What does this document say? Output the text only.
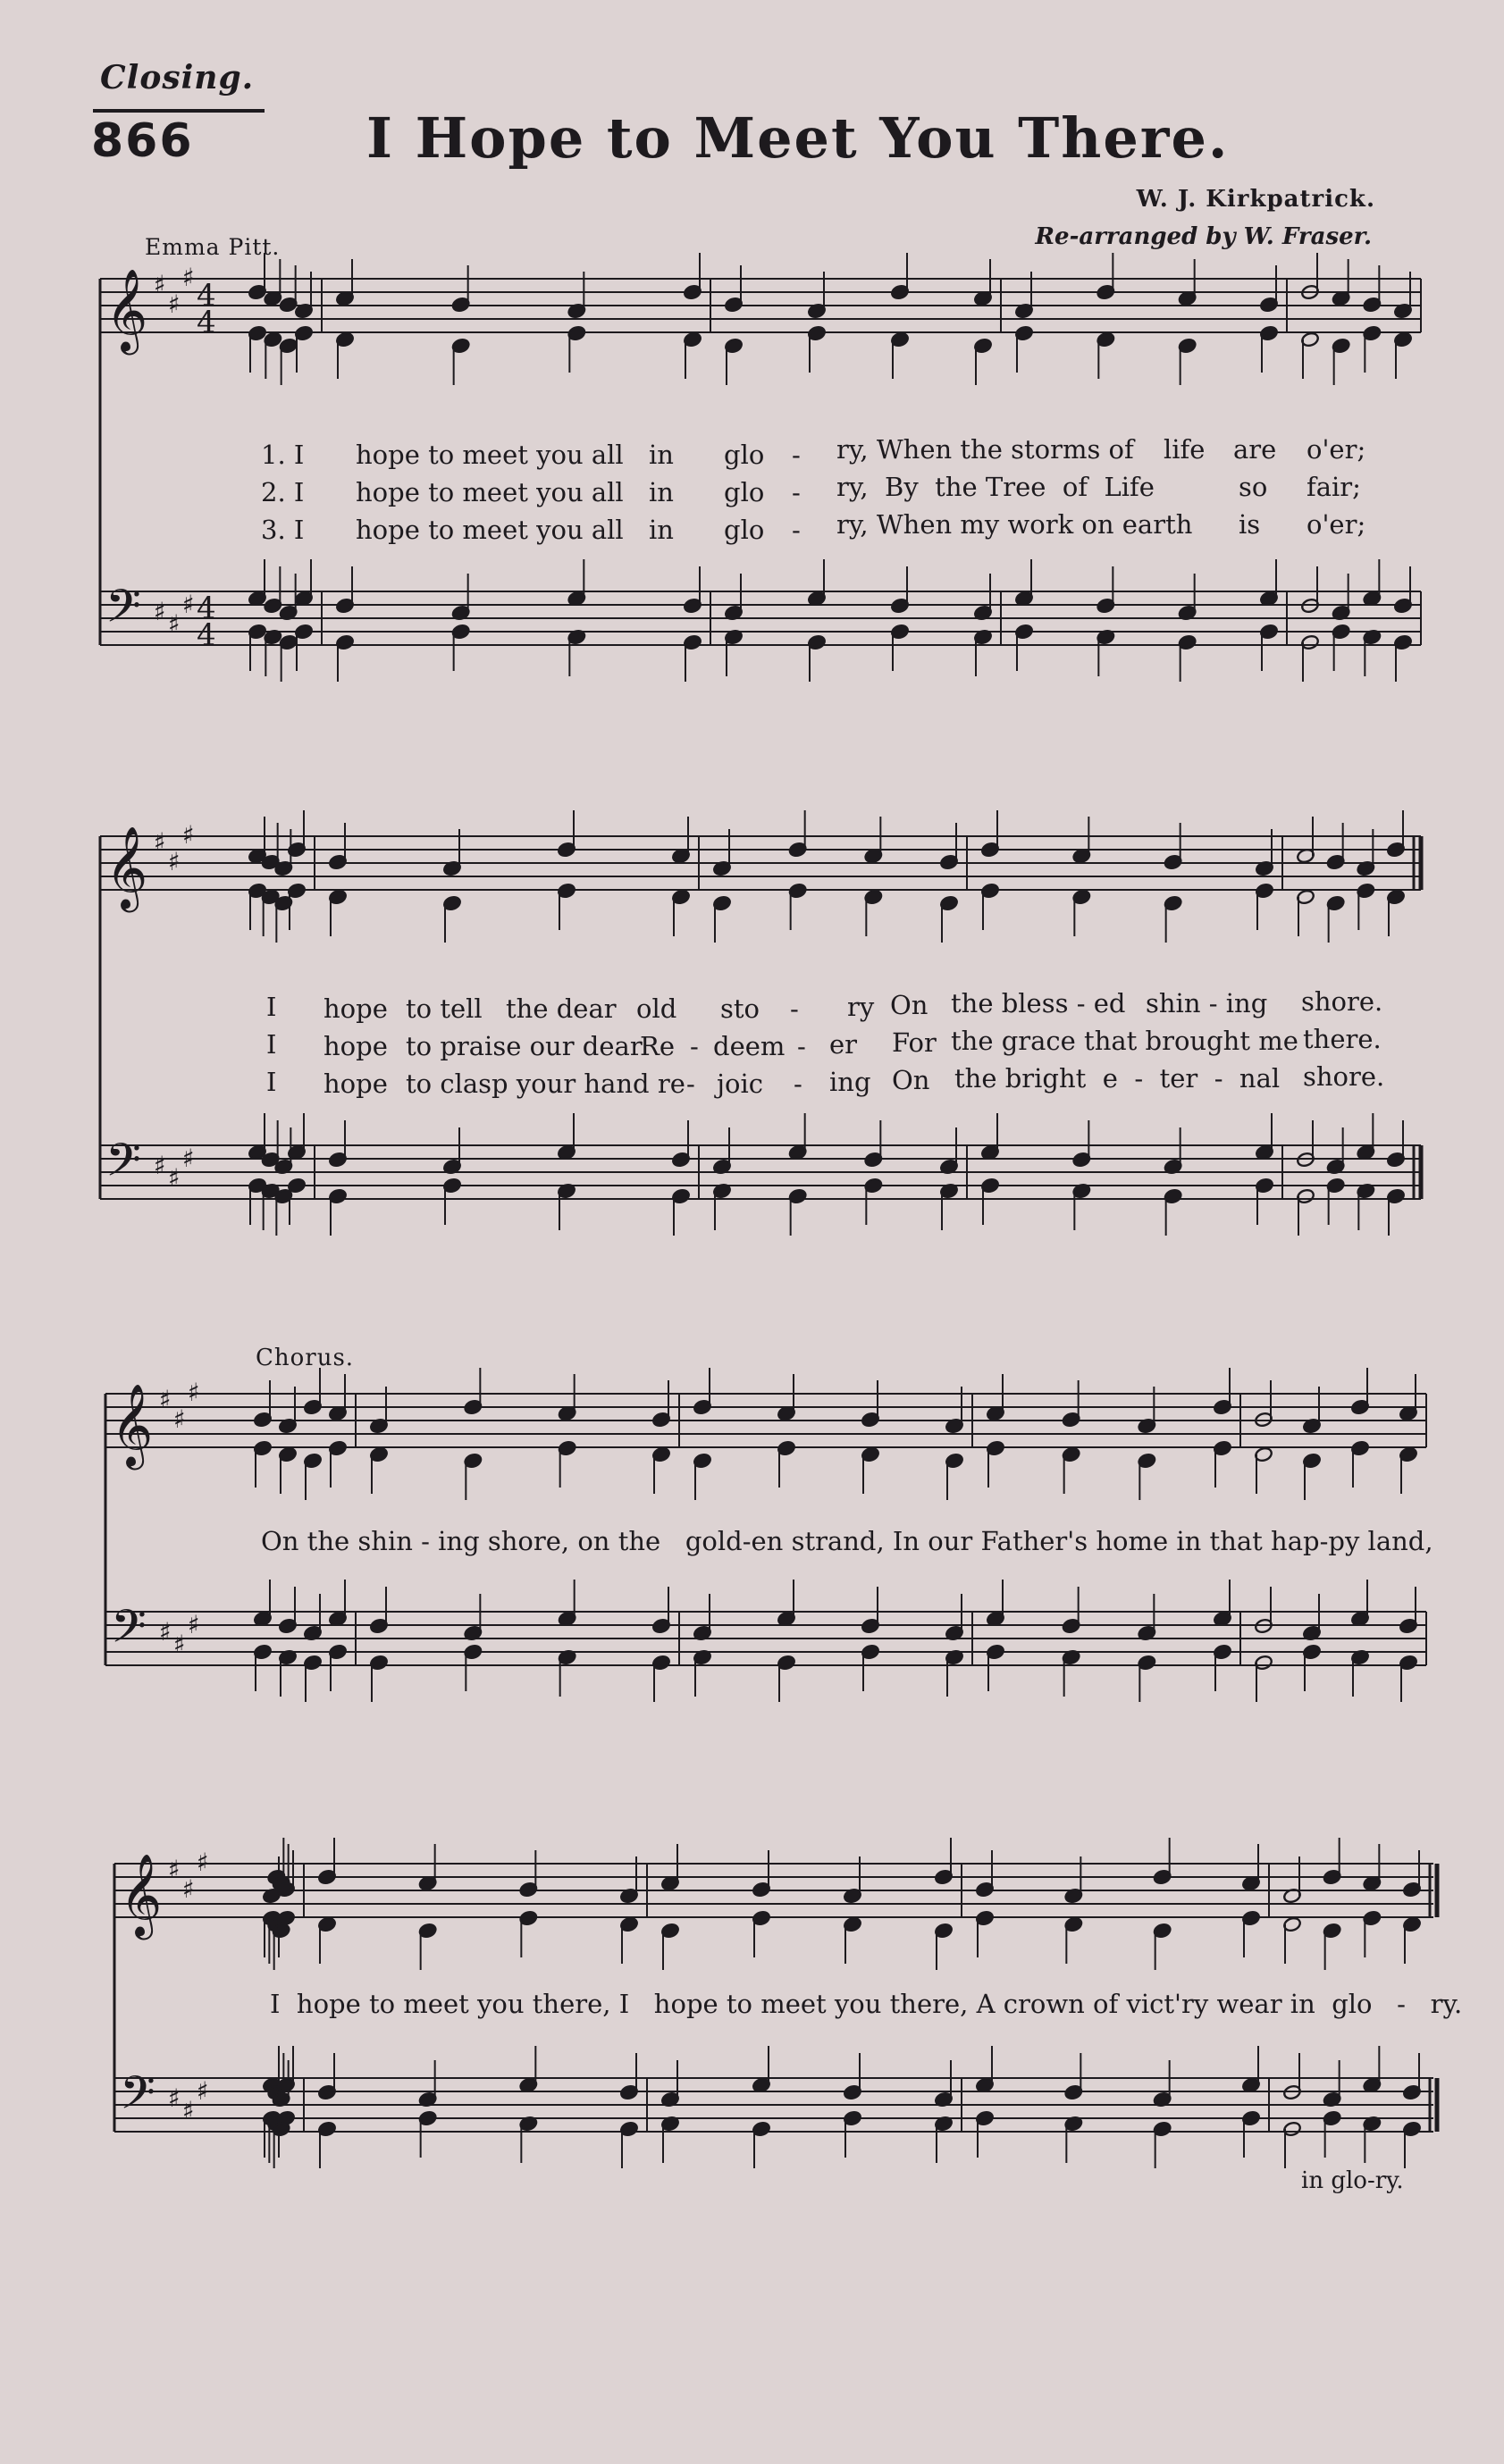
Closing.
866	I Hope to Meet You There.
W. J. Kirkpatrick.
Re-arranged by W. Fraser.
Emma Pitt.
𝄞
𝄢
♯
♯
♯
♯ ♯
♯
4
4
4
4
𝄞
𝄢
♯
♯
♯
♯ ♯
♯
𝄞
𝄢
♯
♯
♯
♯ ♯
♯
𝄞
𝄢
♯
♯
♯
♯ ♯
♯
1. I hope to meet you all in glo - ry, When the storms of life are o'er;
2. I hope to meet you all in glo - ry,  By  the Tree  of  Life	so fair;
3. I hope to meet you all in glo - ry, When my work on earth is o'er;
I hope to tell the dear old sto - ry On the bless - ed shin - ing shore.
I hope to praise our dear
Re - deem - er For the grace that brought me there.
I hope to clasp your hand re - joic - ing On the bright  e  -  ter  -  nal shore.
Chorus.
On the shin - ing shore, on the   gold-en strand, In our Father's home in that hap-py land,
I  hope to meet you there, I   hope to meet you there, A crown of vict'ry wear in  glo   -   ry.
in glo-ry.
